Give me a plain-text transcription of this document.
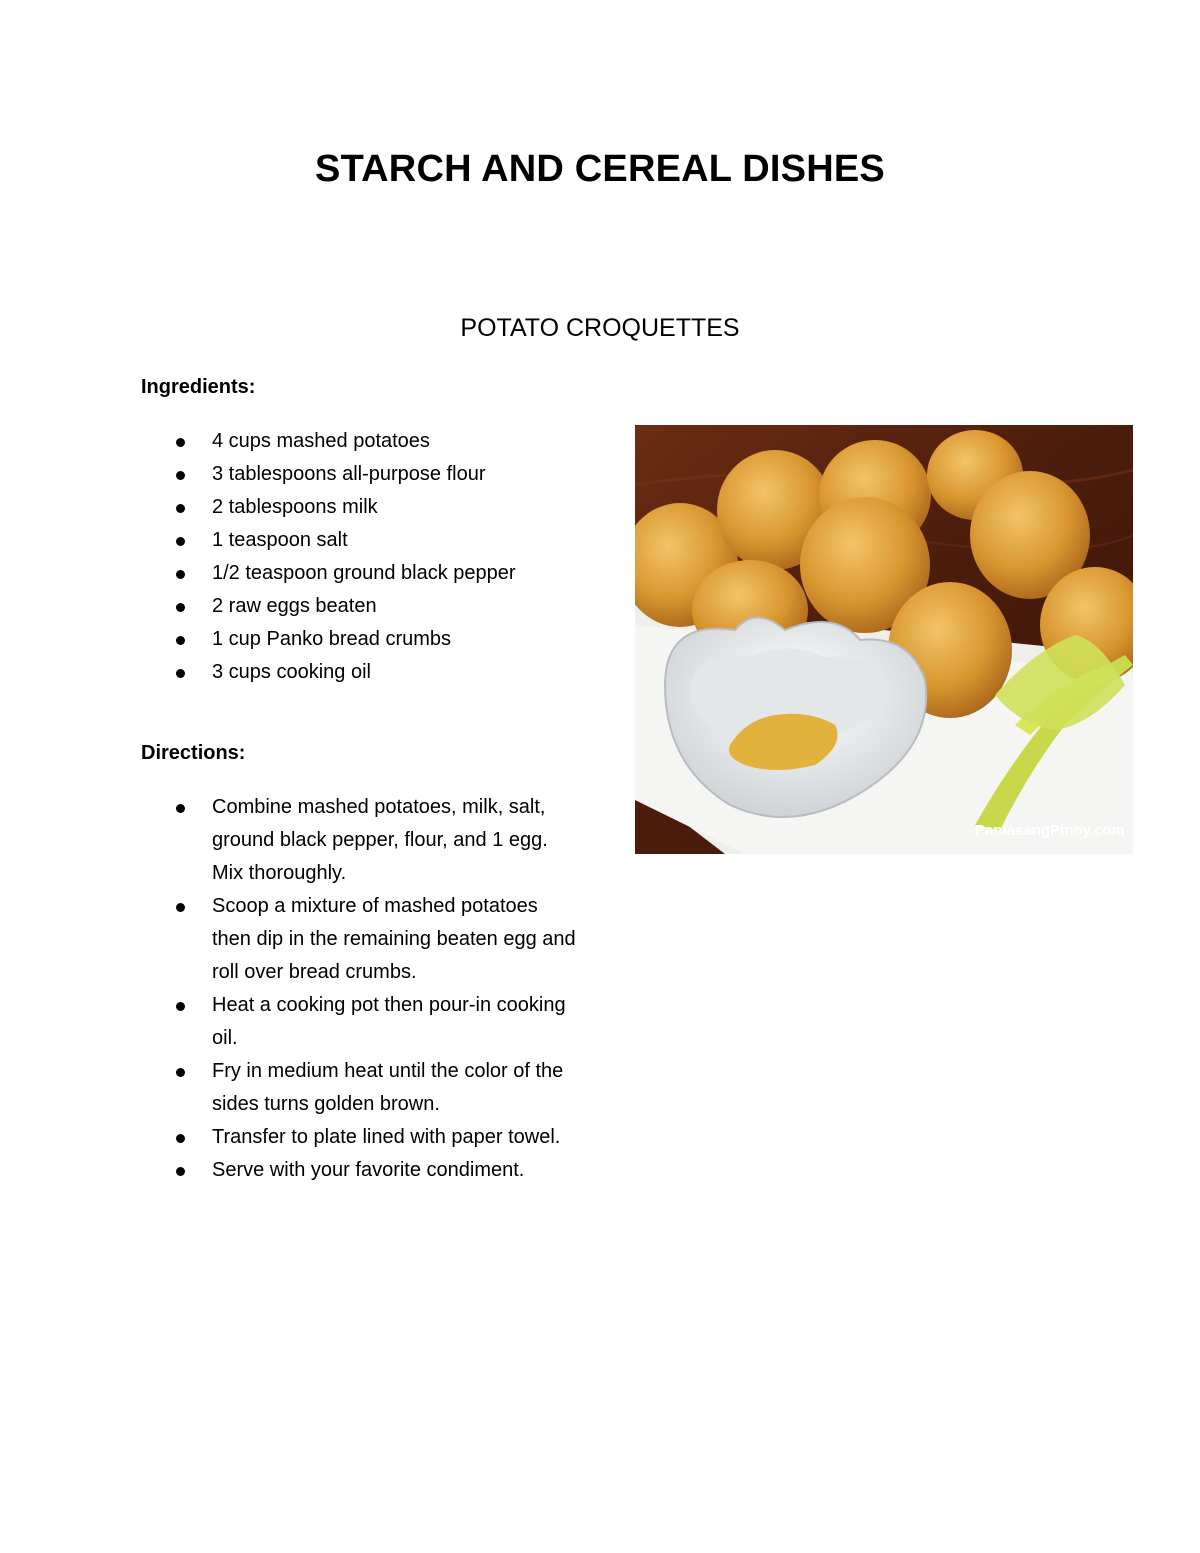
STARCH AND CEREAL DISHES
POTATO CROQUETTES
Ingredients:
4 cups mashed potatoes
3 tablespoons all-purpose flour
2 tablespoons milk
1 teaspoon salt
1/2 teaspoon ground black pepper
2 raw eggs beaten
1 cup Panko bread crumbs
3 cups cooking oil
Directions:
Combine mashed potatoes, milk, salt, ground black pepper, flour, and 1 egg. Mix thoroughly.
Scoop a mixture of mashed potatoes then dip in the remaining beaten egg and roll over bread crumbs.
Heat a cooking pot then pour-in cooking oil.
Fry in medium heat until the color of the sides turns golden brown.
Transfer to plate lined with paper towel.
Serve with your favorite condiment.
PanlasangPinoy.com
